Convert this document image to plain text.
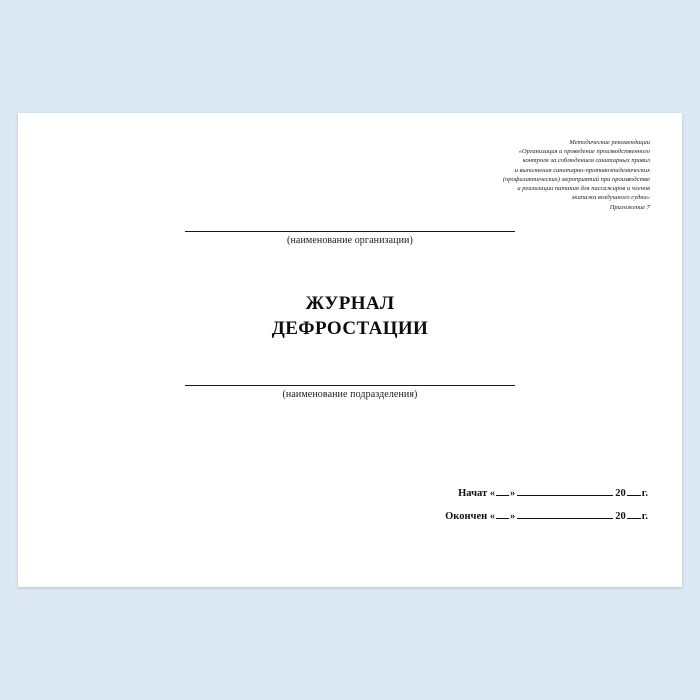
Методические рекомендации
«Организация и проведение производственного
контроля за соблюдением санитарных правил
и выполнения санитарно-противоэпидемических
(профилактических) мероприятий при производстве
и реализации питания для пассажиров и членов
экипажа воздушного судна»
Приложение 7
(наименование организации)
ЖУРНАЛ
ДЕФРОСТАЦИИ
(наименование подразделения)
Начат « »	20 г.
Окончен « »	20 г.
